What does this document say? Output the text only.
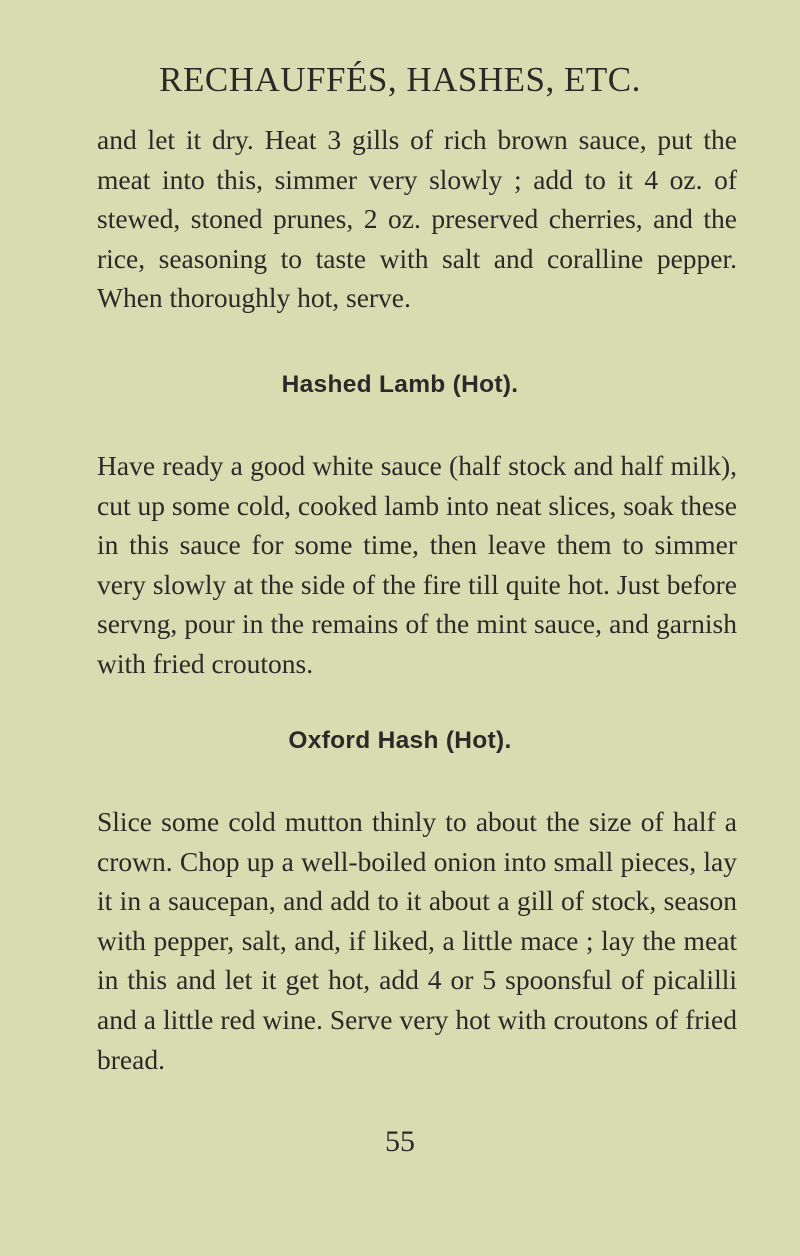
RECHAUFFÉS, HASHES, ETC.

and let it dry. Heat 3 gills of rich brown sauce, put the meat into this, simmer very slowly ; add to it 4 oz. of stewed, stoned prunes, 2 oz. preserved cherries, and the rice, seasoning to taste with salt and coralline pepper. When thoroughly hot, serve.

Hashed Lamb (Hot).

Have ready a good white sauce (half stock and half milk), cut up some cold, cooked lamb into neat slices, soak these in this sauce for some time, then leave them to simmer very slowly at the side of the fire till quite hot. Just before servng, pour in the remains of the mint sauce, and garnish with fried croutons.

Oxford Hash (Hot).

Slice some cold mutton thinly to about the size of half a crown. Chop up a well-boiled onion into small pieces, lay it in a saucepan, and add to it about a gill of stock, season with pepper, salt, and, if liked, a little mace ; lay the meat in this and let it get hot, add 4 or 5 spoonsful of picalilli and a little red wine. Serve very hot with croutons of fried bread.

55
